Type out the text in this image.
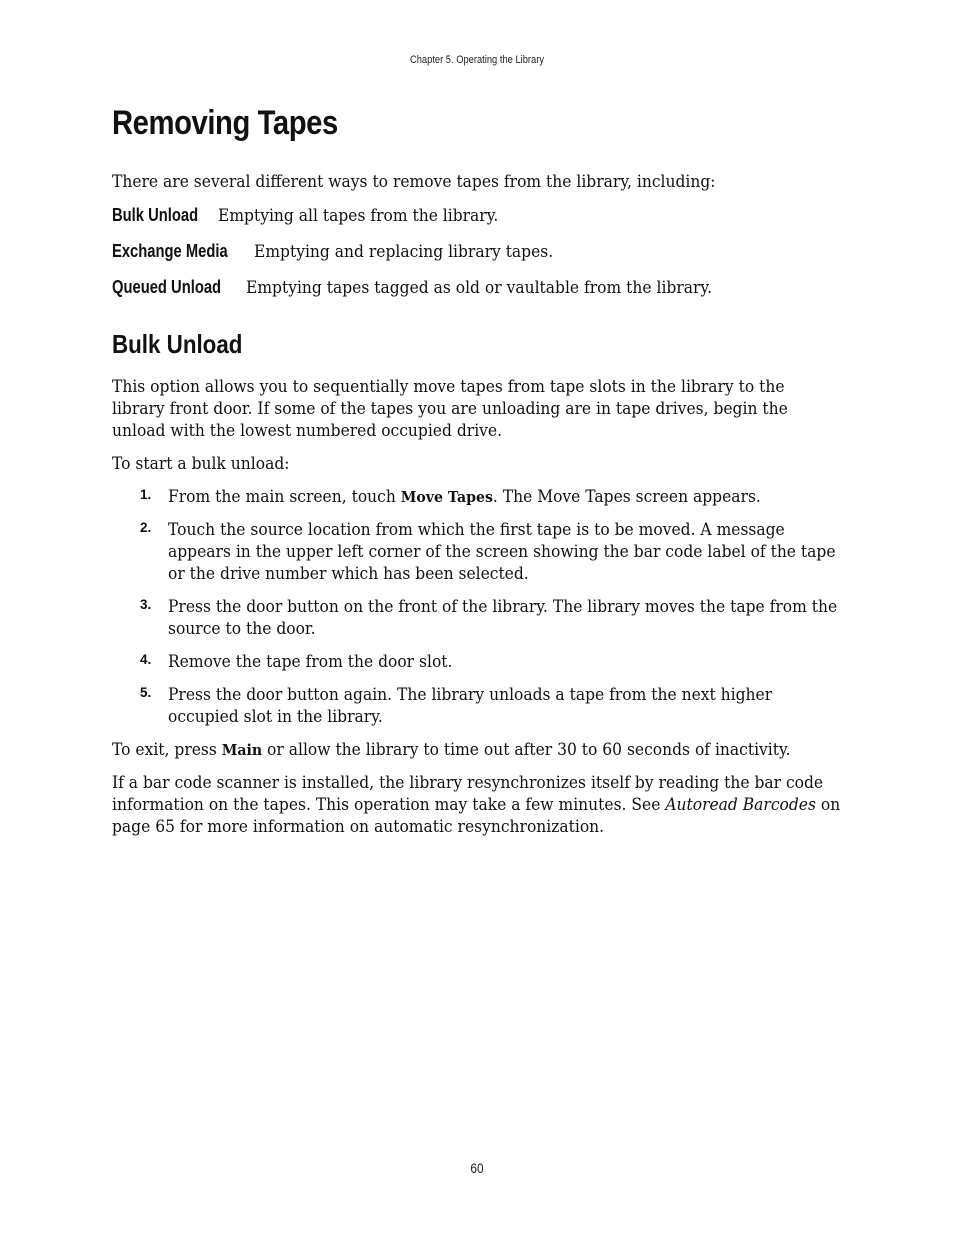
Chapter 5. Operating the Library
Removing Tapes

There are several different ways to remove tapes from the library, including:

Bulk Unload Emptying all tapes from the library.
Exchange Media Emptying and replacing library tapes.
Queued Unload Emptying tapes tagged as old or vaultable from the library.
Bulk Unload

This option allows you to sequentially move tapes from tape slots in the library to the library front door. If some of the tapes you are unloading are in tape drives, begin the unload with the lowest numbered occupied drive.

To start a bulk unload:

1. From the main screen, touch Move Tapes. The Move Tapes screen appears.
2. Touch the source location from which the first tape is to be moved. A message appears in the upper left corner of the screen showing the bar code label of the tape or the drive number which has been selected.
3. Press the door button on the front of the library. The library moves the tape from the source to the door.
4. Remove the tape from the door slot.
5. Press the door button again. The library unloads a tape from the next higher occupied slot in the library.

To exit, press Main or allow the library to time out after 30 to 60 seconds of inactivity.

If a bar code scanner is installed, the library resynchronizes itself by reading the bar code information on the tapes. This operation may take a few minutes. See Autoread Barcodes on page 65 for more information on automatic resynchronization.

60
